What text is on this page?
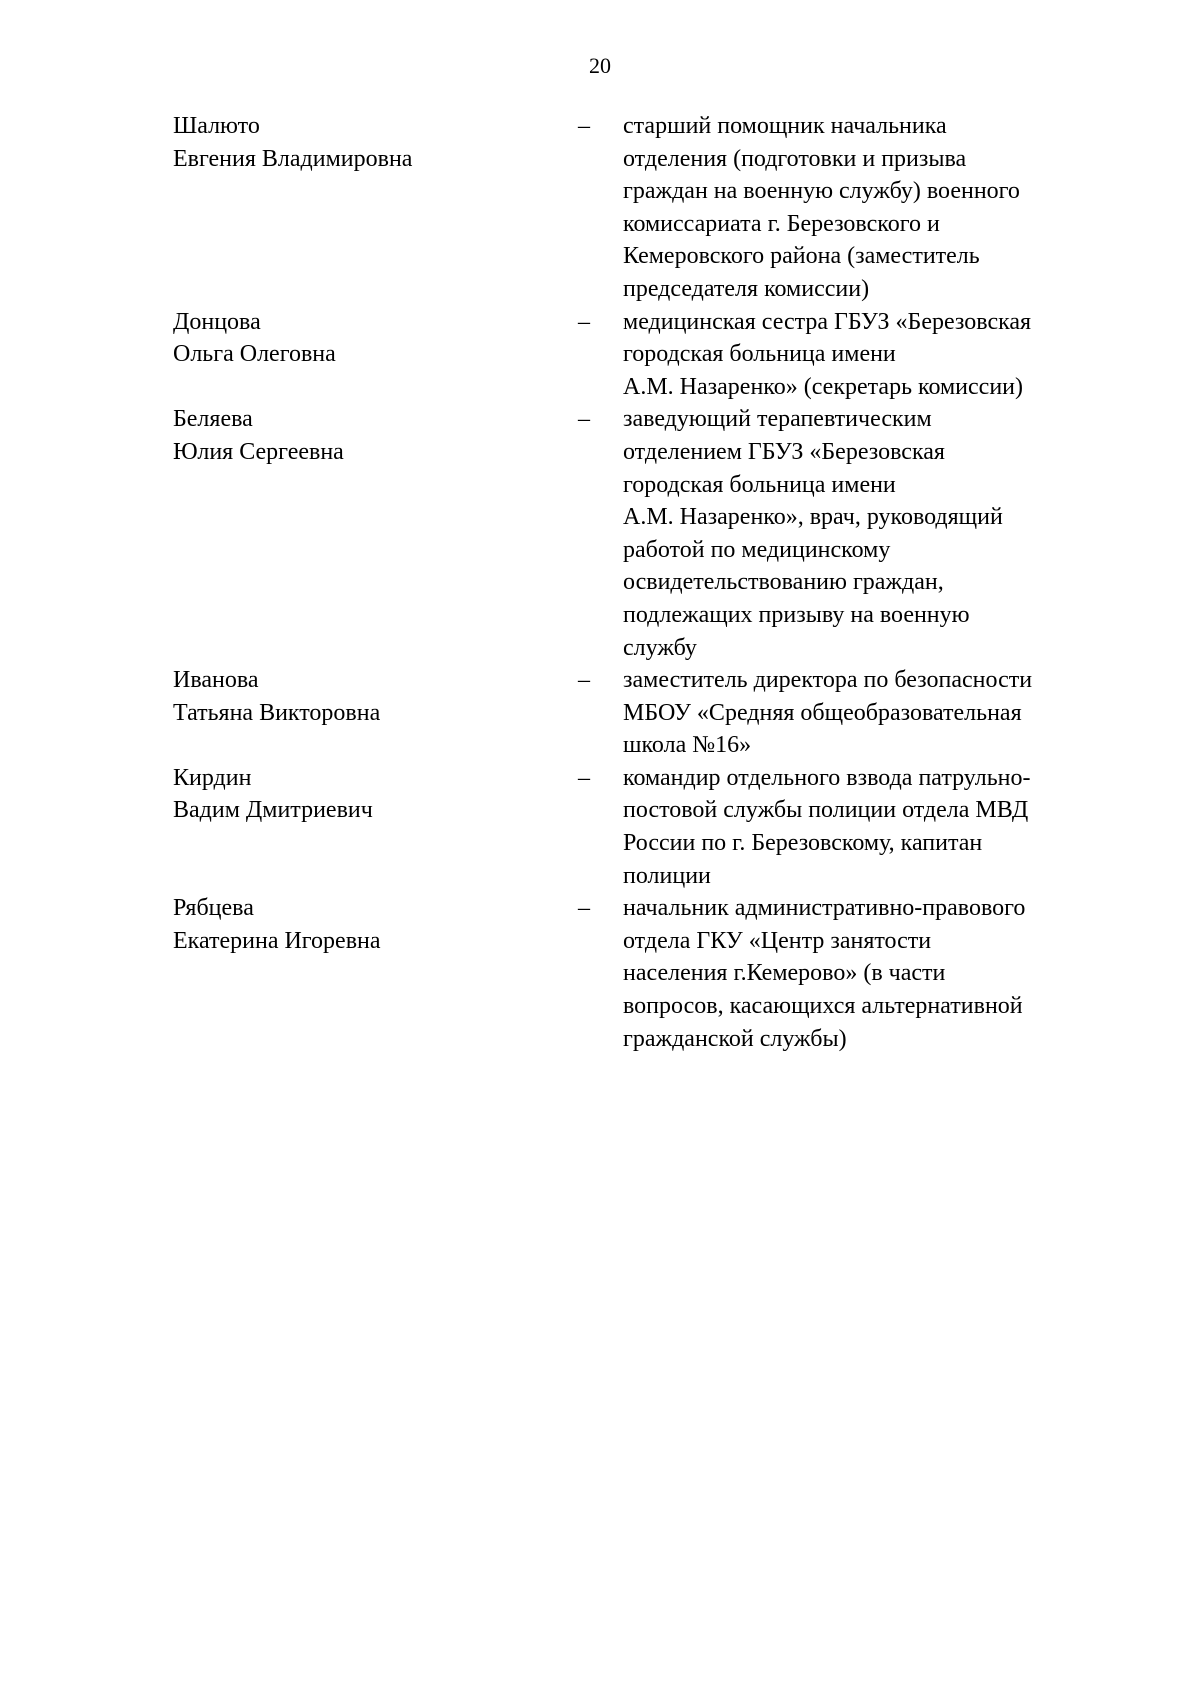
20
Шалюто
Евгения Владимировна
–	старший помощник начальника
отделения (подготовки и призыва
граждан на военную службу) военного
комиссариата г. Березовского и
Кемеровского района (заместитель
председателя комиссии)
Донцова
Ольга Олеговна
–	медицинская сестра ГБУЗ «Березовская
городская больница имени
А.М. Назаренко» (секретарь комиссии)
Беляева
Юлия Сергеевна
–	заведующий терапевтическим
отделением ГБУЗ «Березовская
городская больница имени
А.М. Назаренко», врач, руководящий
работой по медицинскому
освидетельствованию граждан,
подлежащих призыву на военную
службу
Иванова
Татьяна Викторовна
–	заместитель директора по безопасности
МБОУ «Средняя общеобразовательная
школа №16»
Кирдин
Вадим Дмитриевич
–	командир отдельного взвода патрульно-
постовой службы полиции отдела МВД
России по г. Березовскому, капитан
полиции
Рябцева
Екатерина Игоревна
–	начальник административно-правового
отдела ГКУ «Центр занятости
населения г.Кемерово» (в части
вопросов, касающихся альтернативной
гражданской службы)
